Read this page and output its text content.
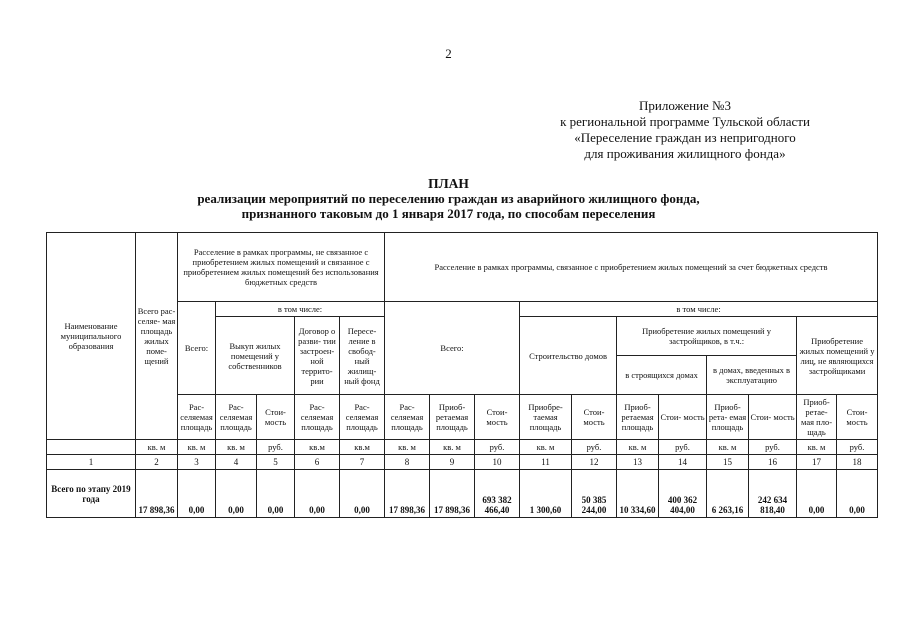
2
Приложение №3
к региональной программе Тульской области
«Переселение граждан из непригодного
для проживания жилищного фонда»
ПЛАН
реализации мероприятий по переселению граждан из аварийного жилищного фонда,
признанного таковым до 1 января 2017 года, по способам переселения
Наименование муниципального образования	Всего рас- селяе- мая площадь жилых поме- щений	Расселение в рамках программы, не связанное с приобретением жилых помещений и связанное с приобретением жилых помещений без использования бюджетных средств					Расселение в рамках программы, связанное с приобретением жилых помещений за счет бюджетных средств										
		Всего:	в том числе:				Всего:			в том числе:							
			Выкуп жилых помещений у собственников		Договор о разви- тии застроен- ной террито- рии	Пересе- ление в свобод- ный жилищ- ный фонд				Строительство домов		Приобретение жилых помещений у застройщиков, в т.ч.:				Приобретение жилых помещений у лиц, не являющихся застройщиками	
												в строящихся домах		в домах, введенных в эксплуатацию			
		Рас- селяемая площадь	Рас- селяемая площадь	Стои- мость	Рас- селяемая площадь	Рас- селяемая площадь	Рас- селяемая площадь	Приоб- ретаемая площадь	Стои- мость	Приобре- таемая площадь	Стои- мость	Приоб- ретаемая площадь	Стои- мость	Приоб- рета- емая площадь	Стои- мость	Приоб- ретае- мая пло- щадь	Стои- мость
	кв. м	кв. м	кв. м	руб.	кв.м	кв.м	кв. м	кв. м	руб.	кв. м	руб.	кв. м	руб.	кв. м	руб.	кв. м	руб.
1	2	3	4	5	6	7	8	9	10	11	12	13	14	15	16	17	18
Всего по этапу 2019 года	17 898,36	0,00	0,00	0,00	0,00	0,00	17 898,36	17 898,36	693 382 466,40	1 300,60	50 385 244,00	10 334,60	400 362 404,00	6 263,16	242 634 818,40	0,00	0,00
